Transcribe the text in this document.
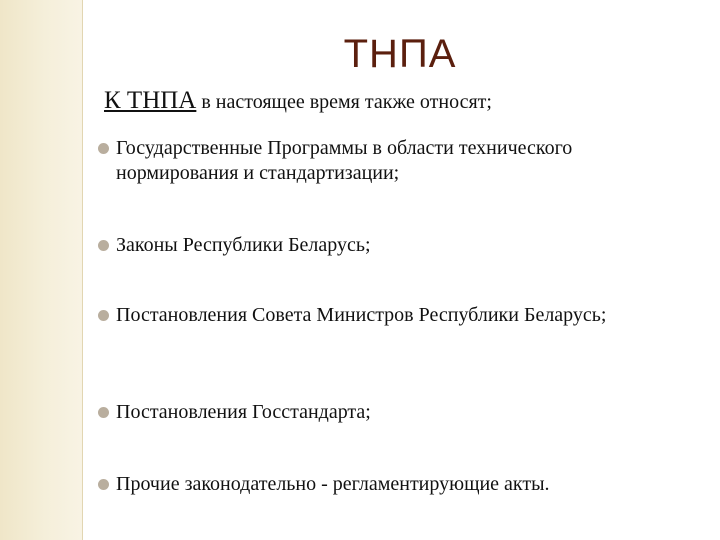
ТНПА
К ТНПА в настоящее время также относят;
Государственные Программы в области технического нормирования и стандартизации;
Законы Республики Беларусь;
Постановления Совета Министров Республики Беларусь;
Постановления Госстандарта;
Прочие законодательно - регламентирующие акты.
